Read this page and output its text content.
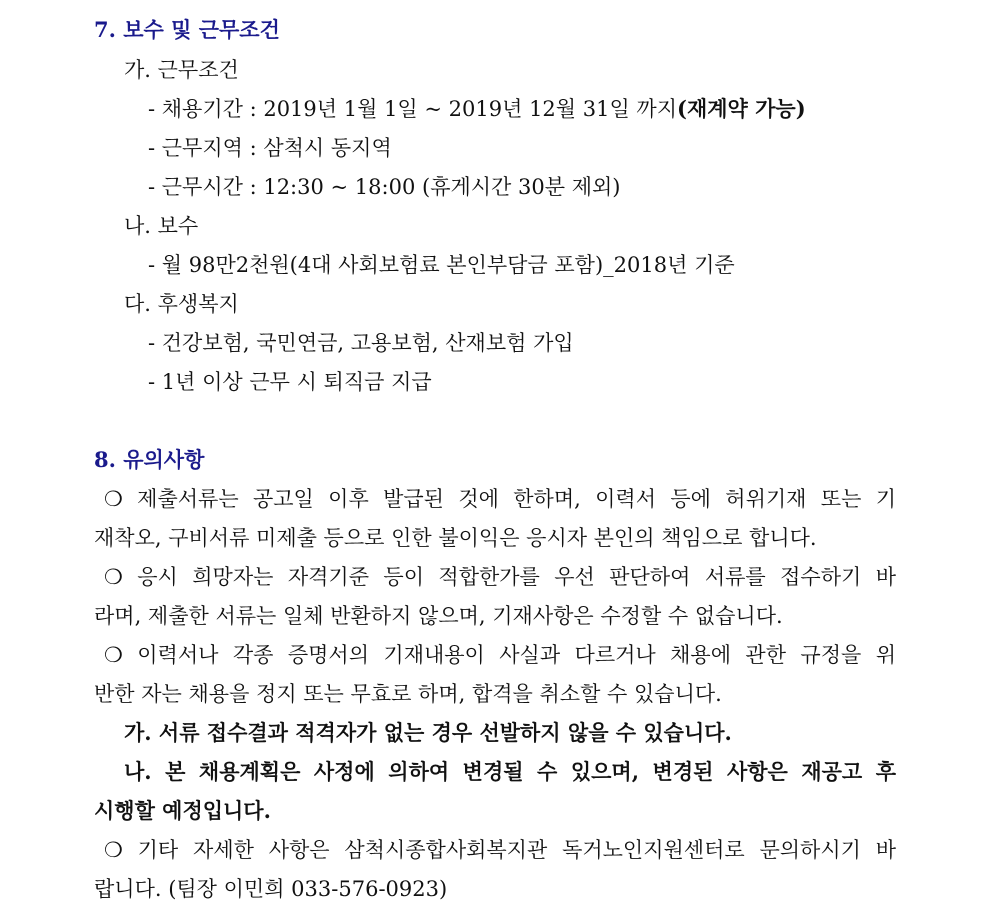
7. 보수 및 근무조건
가. 근무조건
- 채용기간 : 2019년 1월 1일 ~ 2019년 12월 31일 까지(재계약 가능)
- 근무지역 : 삼척시 동지역
- 근무시간 : 12:30 ~ 18:00 (휴게시간 30분 제외)
나. 보수
- 월 98만2천원(4대 사회보험료 본인부담금 포함)_2018년 기준
다. 후생복지
- 건강보험, 국민연금, 고용보험, 산재보험 가입
- 1년 이상 근무 시 퇴직금 지급
8. 유의사항
❍ 제출서류는 공고일 이후 발급된 것에 한하며, 이력서 등에 허위기재 또는 기
재착오, 구비서류 미제출 등으로 인한 불이익은 응시자 본인의 책임으로 합니다.
❍ 응시 희망자는 자격기준 등이 적합한가를 우선 판단하여 서류를 접수하기 바
라며, 제출한 서류는 일체 반환하지 않으며, 기재사항은 수정할 수 없습니다.
❍ 이력서나 각종 증명서의 기재내용이 사실과 다르거나 채용에 관한 규정을 위
반한 자는 채용을 정지 또는 무효로 하며, 합격을 취소할 수 있습니다.
가. 서류 접수결과 적격자가 없는 경우 선발하지 않을 수 있습니다.
나. 본 채용계획은 사정에 의하여 변경될 수 있으며, 변경된 사항은 재공고 후
시행할 예정입니다.
❍ 기타 자세한 사항은 삼척시종합사회복지관 독거노인지원센터로 문의하시기 바
랍니다. (팀장 이민희 033-576-0923)
